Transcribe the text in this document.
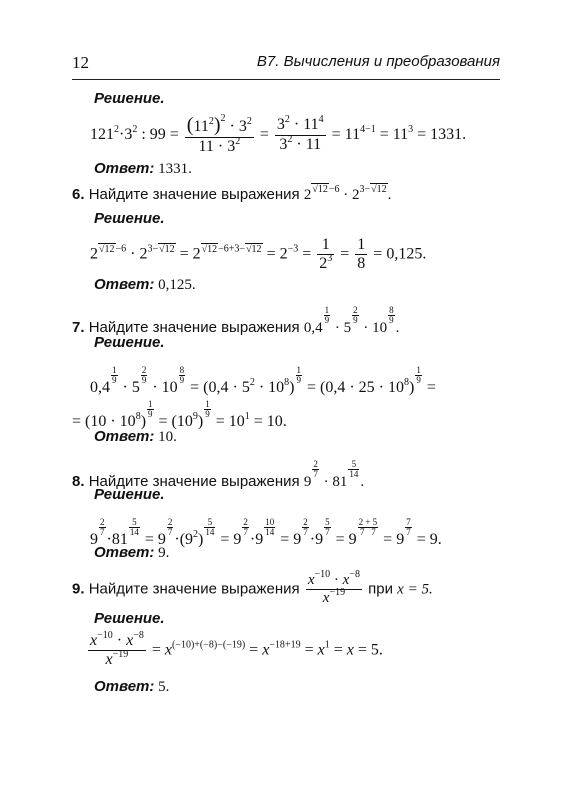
12	В7. Вычисления и преобразования
Решение.
$121^2\cdot 3^2$ : $99 = \frac{(11^2)^2 \cdot 3^2}{11 \cdot 3^2} = \frac{3^2 \cdot 11^4}{3^2 \cdot 11} = 11^{4-1} = 11^3 = 1331$.
Ответ: 1331.
6. Найдите значение выражения $2^{√12-6} \cdot 2^{3-√12}$.
Решение.
$2^{√12-6} \cdot 2^{3-√12} = 2^{√12-6+3-√12} = 2^{-3} = \frac{1}{2^3} = \frac{1}{8} = 0,125$.
Ответ: 0,125.
7. Найдите значение выражения 0,4
$\frac{1}{9}$
· 5
$\frac{2}{9}$
· 10
$\frac{8}{9}$
.
Решение.
0,4
$\frac{1}{9}$
· 5
$\frac{2}{9}$
· 10
$\frac{8}{9}$
= $(0,4 \cdot 5^2 \cdot 10^8)$
$\frac{1}{9}$
= $(0,4 \cdot 25 \cdot 10^8)$
$\frac{1}{9}$
=
= $(10 \cdot 10^8)$
$\frac{1}{9}$
= $(10^9)$
$\frac{1}{9}$
= $10^1 = 10$.
Ответ: 10.
8. Найдите значение выражения 9
$\frac{2}{7}$
· 81
$\frac{5}{14}$
.
Решение.
9
$\frac{2}{7}$
·81
$\frac{5}{14}$
= 9
$\frac{2}{7}$
$\cdot(9^2)$
$\frac{5}{14}$
= 9
$\frac{2}{7}$
·9
$\frac{10}{14}$
= 9
$\frac{2}{7}$
·9
$\frac{5}{7}$
= 9
$\frac{2 + 5}{7 7}$
= 9
$\frac{7}{7}$
= 9.
Ответ: 9.
9. Найдите значение выражения $\frac{x^{-10} \cdot x^{-8}}{x^{-19}}$ при x = 5.
Решение.
$\frac{x^{-10} \cdot x^{-8}}{x^{-19}} = x^{(-10)+(-8)-(-19)} = x^{-18+19} = x^1 = x = 5$.
Ответ: 5.
